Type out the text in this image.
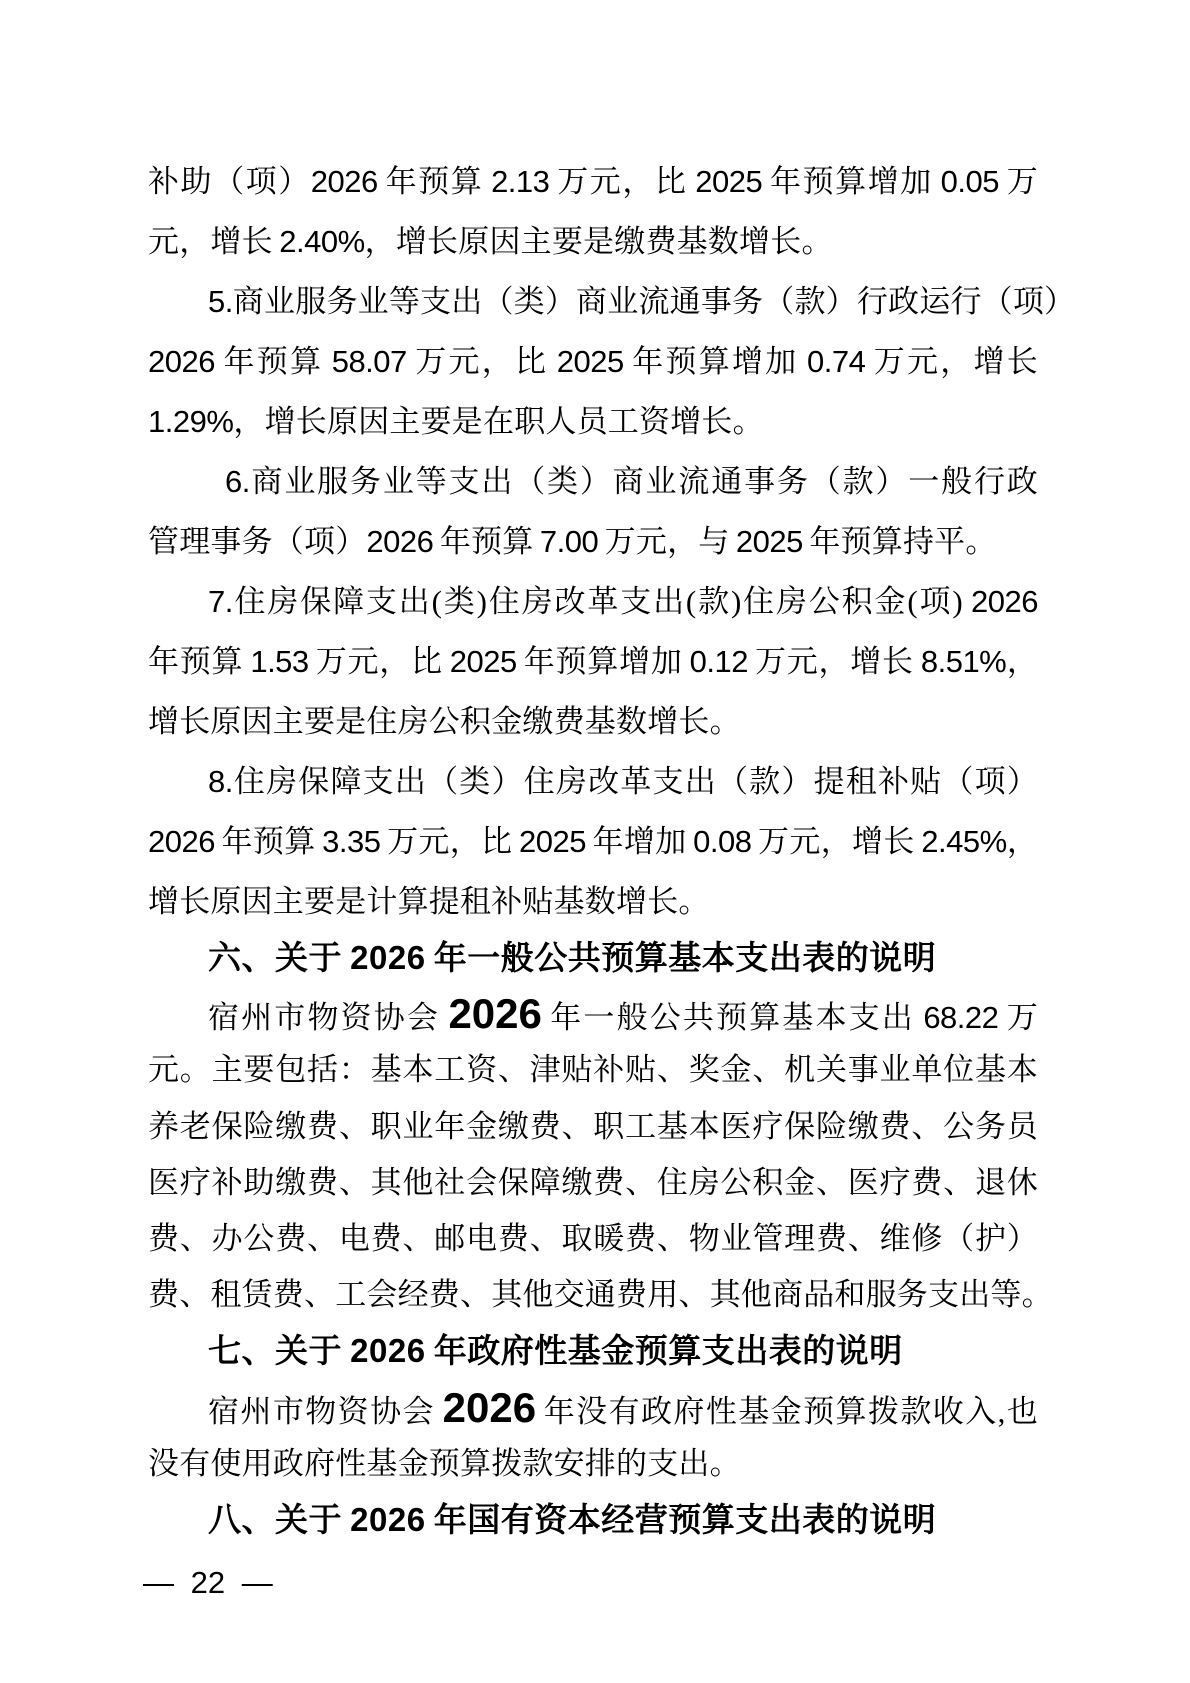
补助（项）2026 年预算 2.13 万元，比 2025 年预算增加 0.05 万
元，增长 2.40%，增长原因主要是缴费基数增长。
5.商业服务业等支出（类）商业流通事务（款）行政运行（项）
2026 年预算 58.07 万元，比 2025 年预算增加 0.74 万元，增长
1.29%，增长原因主要是在职人员工资增长。
6.商业服务业等支出（类）商业流通事务（款）一般行政
管理事务（项）2026 年预算 7.00 万元，与 2025 年预算持平。
7.住房保障支出(类)住房改革支出(款)住房公积金(项) 2026
年预算 1.53 万元，比 2025 年预算增加 0.12 万元，增长 8.51%，
增长原因主要是住房公积金缴费基数增长。
8.住房保障支出（类）住房改革支出（款）提租补贴（项）
2026 年预算 3.35 万元，比 2025 年增加 0.08 万元，增长 2.45%，
增长原因主要是计算提租补贴基数增长。
六、关于 2026 年一般公共预算基本支出表的说明
宿州市物资协会 2026 年一般公共预算基本支出 68.22 万
元。主要包括：基本工资、津贴补贴、奖金、机关事业单位基本
养老保险缴费、职业年金缴费、职工基本医疗保险缴费、公务员
医疗补助缴费、其他社会保障缴费、住房公积金、医疗费、退休
费、办公费、电费、邮电费、取暖费、物业管理费、维修（护）
费、租赁费、工会经费、其他交通费用、其他商品和服务支出等。
七、关于 2026 年政府性基金预算支出表的说明
宿州市物资协会 2026 年没有政府性基金预算拨款收入,也
没有使用政府性基金预算拨款安排的支出。
八、关于 2026 年国有资本经营预算支出表的说明
— 22 —
